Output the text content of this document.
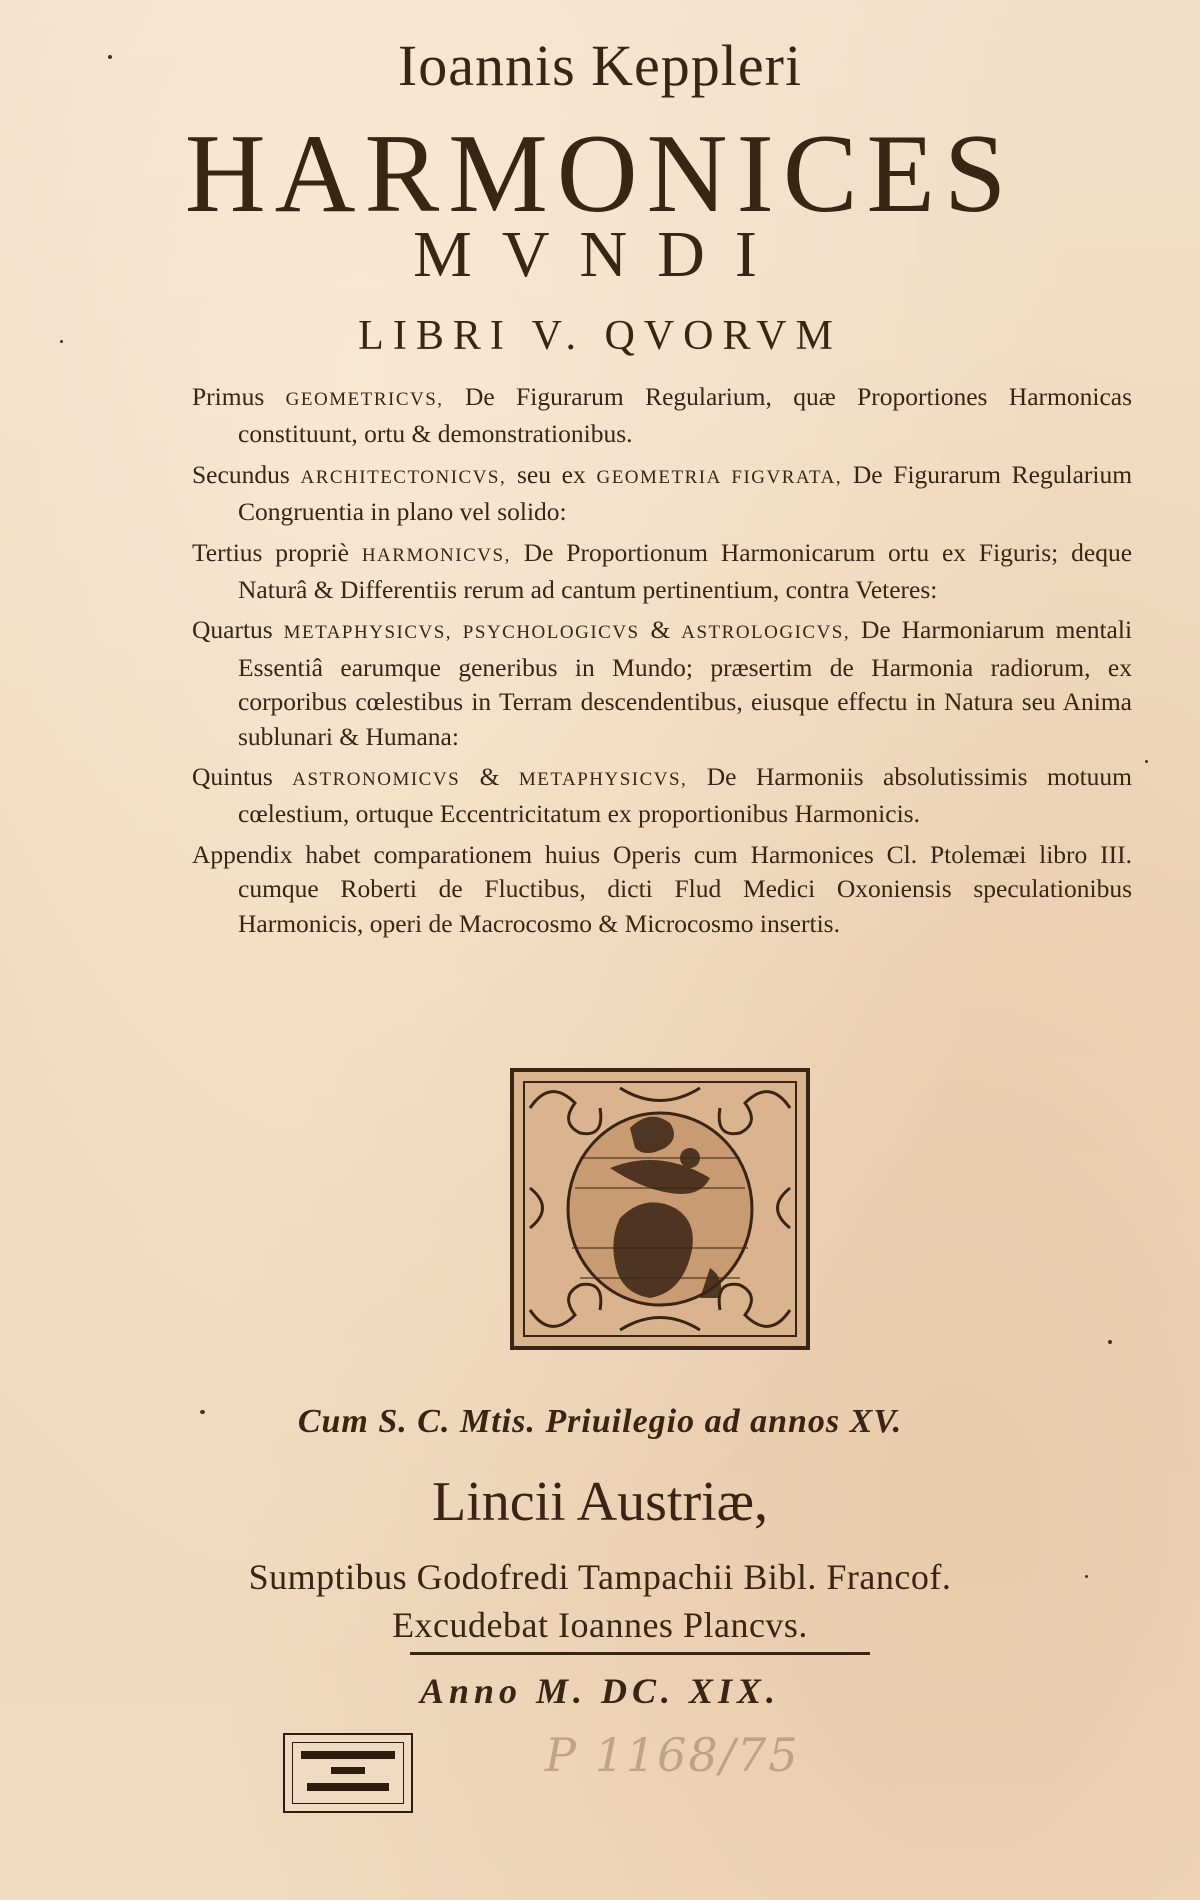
Ioannis Keppleri
HARMONICES
MVNDI
LIBRI V. QVORVM

Primus GEOMETRICVS, De Figurarum Regularium, quæ Proportiones Harmonicas constituunt, ortu & demonstrationibus.

Secundus ARCHITECTONICVS, seu ex GEOMETRIA FIGVRATA, De Figurarum Regularium Congruentia in plano vel solido:

Tertius propriè HARMONICVS, De Proportionum Harmonicarum ortu ex Figuris; deque Naturâ & Differentiis rerum ad cantum pertinentium, contra Veteres:

Quartus METAPHYSICVS, PSYCHOLOGICVS & ASTROLOGICVS, De Harmoniarum mentali Essentiâ earumque generibus in Mundo; præsertim de Harmonia radiorum, ex corporibus cœlestibus in Terram descendentibus, eiusque effectu in Natura seu Anima sublunari & Humana:

Quintus ASTRONOMICVS & METAPHYSICVS, De Harmoniis absolutissimis motuum cœlestium, ortuque Eccentricitatum ex proportionibus Harmonicis.

Appendix habet comparationem huius Operis cum Harmonices Cl. Ptolemæi libro III. cumque Roberti de Fluctibus, dicti Flud Medici Oxoniensis speculationibus Harmonicis, operi de Macrocosmo & Microcosmo insertis.

Cum S. C. Mtis. Priuilegio ad annos XV.
Lincii Austriæ,
Sumptibus Godofredi Tampachii Bibl. Francof.
Excudebat Ioannes Plancvs.
Anno M. DC. XIX.
P 1168/75
